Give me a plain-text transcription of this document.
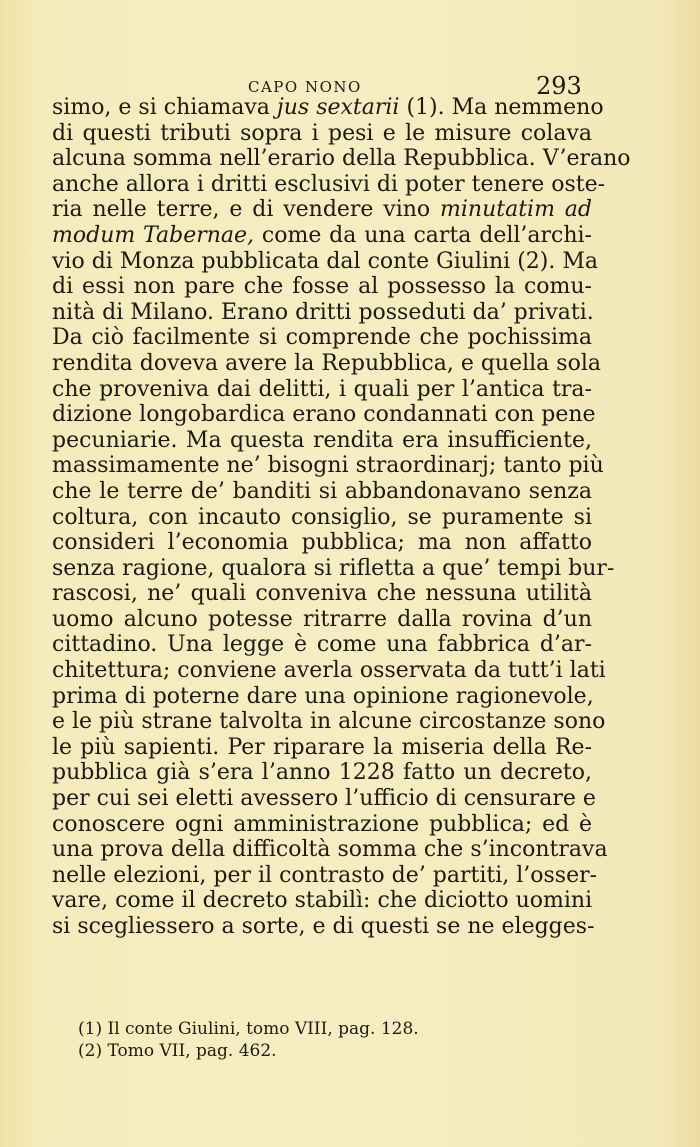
CAPO NONO	293
simo, e si chiamava jus sextarii (1). Ma nemmeno
di questi tributi sopra i pesi e le misure colava
alcuna somma nell’erario della Repubblica. V’erano
anche allora i dritti esclusivi di poter tenere oste-
ria nelle terre, e di vendere vino minutatim ad
modum Tabernae, come da una carta dell’archi-
vio di Monza pubblicata dal conte Giulini (2). Ma
di essi non pare che fosse al possesso la comu-
nità di Milano. Erano dritti posseduti da’ privati.
Da ciò facilmente si comprende che pochissima
rendita doveva avere la Repubblica, e quella sola
che proveniva dai delitti, i quali per l’antica tra-
dizione longobardica erano condannati con pene
pecuniarie. Ma questa rendita era insufficiente,
massimamente ne’ bisogni straordinarj; tanto più
che le terre de’ banditi si abbandonavano senza
coltura, con incauto consiglio, se puramente si
consideri l’economia pubblica; ma non affatto
senza ragione, qualora si rifletta a que’ tempi bur-
rascosi, ne’ quali conveniva che nessuna utilità
uomo alcuno potesse ritrarre dalla rovina d’un
cittadino. Una legge è come una fabbrica d’ar-
chitettura; conviene averla osservata da tutt’i lati
prima di poterne dare una opinione ragionevole,
e le più strane talvolta in alcune circostanze sono
le più sapienti. Per riparare la miseria della Re-
pubblica già s’era l’anno 1228 fatto un decreto,
per cui sei eletti avessero l’ufficio di censurare e
conoscere ogni amministrazione pubblica; ed è
una prova della difficoltà somma che s’incontrava
nelle elezioni, per il contrasto de’ partiti, l’osser-
vare, come il decreto stabilì: che diciotto uomini
si scegliessero a sorte, e di questi se ne elegges-
(1) Il conte Giulini, tomo VIII, pag. 128.
(2) Tomo VII, pag. 462.
